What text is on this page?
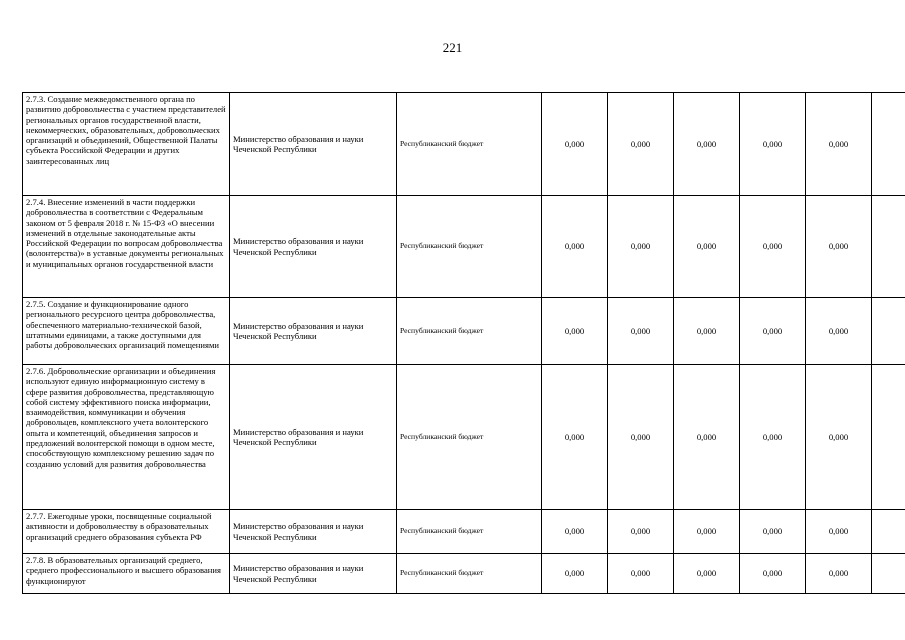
221
2.7.3. Создание межведомственного органа по развитию добровольчества с участием представителей региональных органов государственной власти, некоммерческих, образовательных, добровольческих организаций и объединений, Общественной Палаты субъекта Российской Федерации и других заинтересованных лиц	Министерство образования и науки Чеченской Республики	Республиканский бюджет	0,000	0,000	0,000	0,000	0,000	
2.7.4. Внесение изменений в части поддержки добровольчества в соответствии с Федеральным законом от 5 февраля 2018 г. № 15-ФЗ «О внесении изменений в отдельные законодательные акты Российской Федерации по вопросам добровольчества (волонтерства)» в уставные документы региональных и муниципальных органов государственной власти	Министерство образования и науки Чеченской Республики	Республиканский бюджет	0,000	0,000	0,000	0,000	0,000	
2.7.5. Создание и функционирование одного регионального ресурсного центра добровольчества, обеспеченного материально-технической базой, штатными единицами, а также доступными для работы добровольческих организаций помещениями	Министерство образования и науки Чеченской Республики	Республиканский бюджет	0,000	0,000	0,000	0,000	0,000	
2.7.6. Добровольческие организации и объединения используют единую информационную систему в сфере развития добровольчества, представляющую собой систему эффективного поиска информации, взаимодействия, коммуникации и обучения добровольцев, комплексного учета волонтерского опыта и компетенций, объединения запросов и предложений волонтерской помощи в одном месте, способствующую комплексному решению задач по созданию условий для развития добровольчества	Министерство образования и науки Чеченской Республики	Республиканский бюджет	0,000	0,000	0,000	0,000	0,000	
2.7.7. Ежегодные уроки, посвященные социальной активности и добровольчеству в образовательных организаций среднего образования субъекта РФ	Министерство образования и науки Чеченской Республики	Республиканский бюджет	0,000	0,000	0,000	0,000	0,000	
2.7.8. В образовательных организаций среднего, среднего профессионального и высшего образования функционируют	Министерство образования и науки Чеченской Республики	Республиканский бюджет	0,000	0,000	0,000	0,000	0,000	
